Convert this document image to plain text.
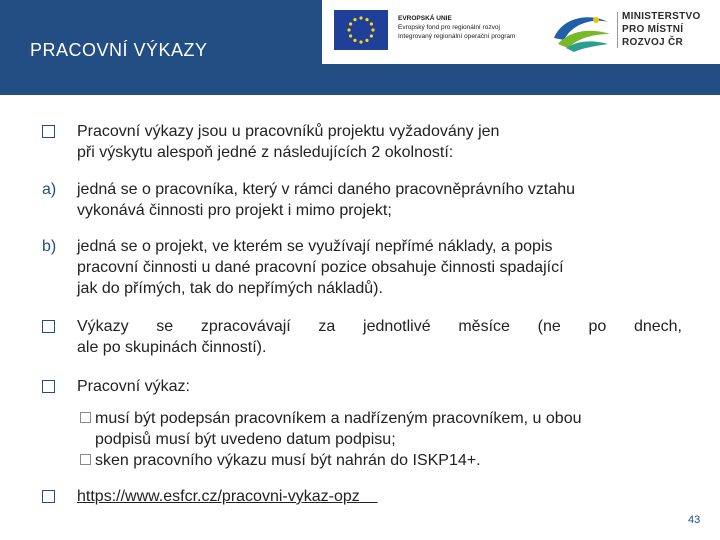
PRACOVNÍ VÝKAZY
EVROPSKÁ UNIE
Evropský fond pro regionální rozvoj
Integrovaný regionální operační program
MINISTERSTVO
PRO MÍSTNÍ
ROZVOJ ČR
Pracovní výkazy jsou u pracovníků projektu vyžadovány jen
při výskytu alespoň jedné z následujících 2 okolností:
a) jedná se o pracovníka, který v rámci daného pracovněprávního vztahu
vykonává činnosti pro projekt i mimo projekt;
b) jedná se o projekt, ve kterém se využívají nepřímé náklady, a popis
pracovní činnosti u dané pracovní pozice obsahuje činnosti spadající
jak do přímých, tak do nepřímých nákladů).
Výkazy se zpracovávají za jednotlivé měsíce (ne po dnech,
ale po skupinách činností).
Pracovní výkaz:
musí být podepsán pracovníkem a nadřízeným pracovníkem, u obou
podpisů musí být uvedeno datum podpisu;
sken pracovního výkazu musí být nahrán do ISKP14+.
https://www.esfcr.cz/pracovni-vykaz-opz
43
